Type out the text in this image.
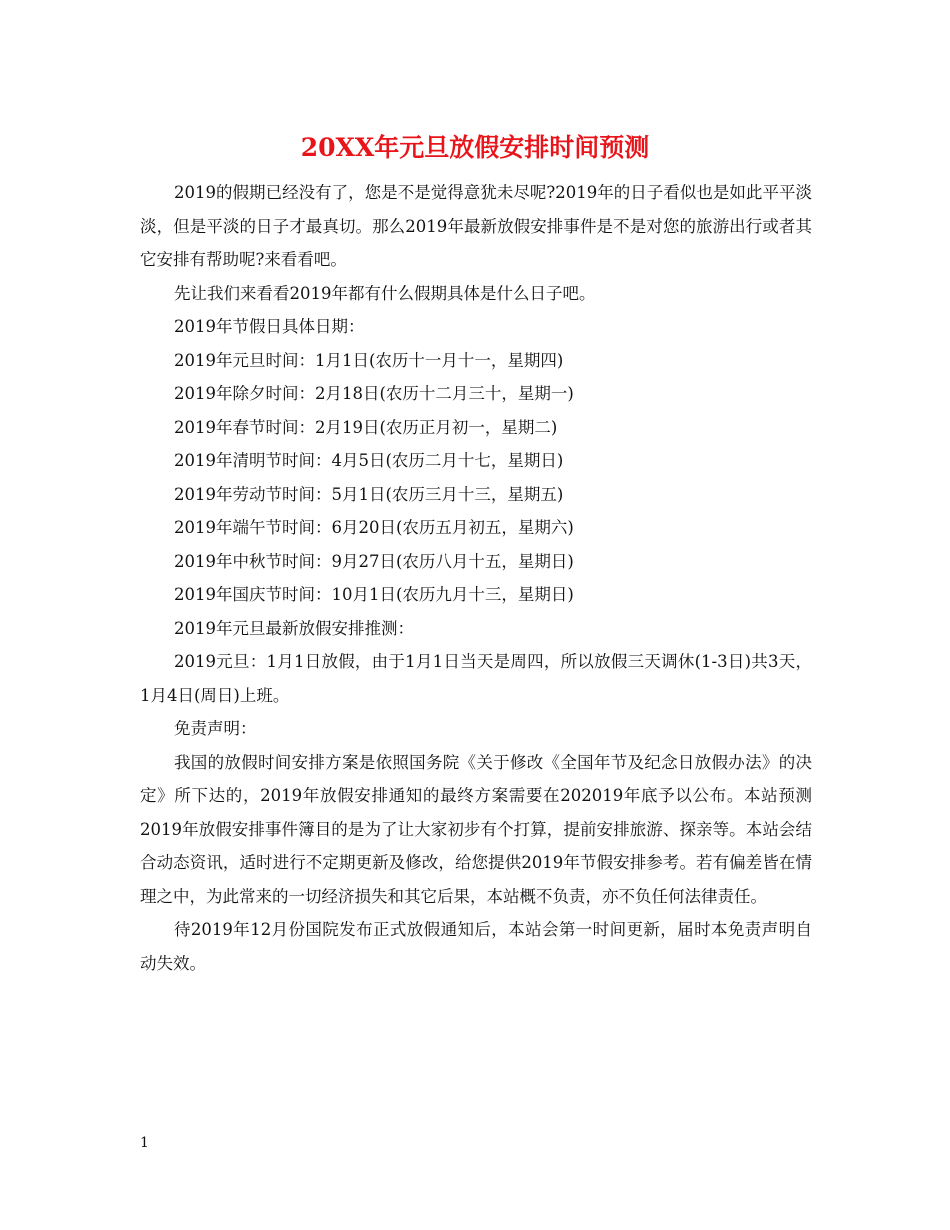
20XX年元旦放假安排时间预测

2019的假期已经没有了，您是不是觉得意犹未尽呢?2019年的日子看似也是如此平平淡淡，但是平淡的日子才最真切。那么2019年最新放假安排事件是不是对您的旅游出行或者其它安排有帮助呢?来看看吧。

先让我们来看看2019年都有什么假期具体是什么日子吧。

2019年节假日具体日期：

2019年元旦时间：1月1日(农历十一月十一，星期四)

2019年除夕时间：2月18日(农历十二月三十，星期一)

2019年春节时间：2月19日(农历正月初一，星期二)

2019年清明节时间：4月5日(农历二月十七，星期日)

2019年劳动节时间：5月1日(农历三月十三，星期五)

2019年端午节时间：6月20日(农历五月初五，星期六)

2019年中秋节时间：9月27日(农历八月十五，星期日)

2019年国庆节时间：10月1日(农历九月十三，星期日)

2019年元旦最新放假安排推测：

2019元旦：1月1日放假，由于1月1日当天是周四，所以放假三天调休(1-3日)共3天，1月4日(周日)上班。

免责声明：

我国的放假时间安排方案是依照国务院《关于修改《全国年节及纪念日放假办法》的决定》所下达的，2019年放假安排通知的最终方案需要在202019年底予以公布。本站预测2019年放假安排事件簿目的是为了让大家初步有个打算，提前安排旅游、探亲等。本站会结合动态资讯，适时进行不定期更新及修改，给您提供2019年节假安排参考。若有偏差皆在情理之中，为此常来的一切经济损失和其它后果，本站概不负责，亦不负任何法律责任。

待2019年12月份国院发布正式放假通知后，本站会第一时间更新，届时本免责声明自动失效。

1
